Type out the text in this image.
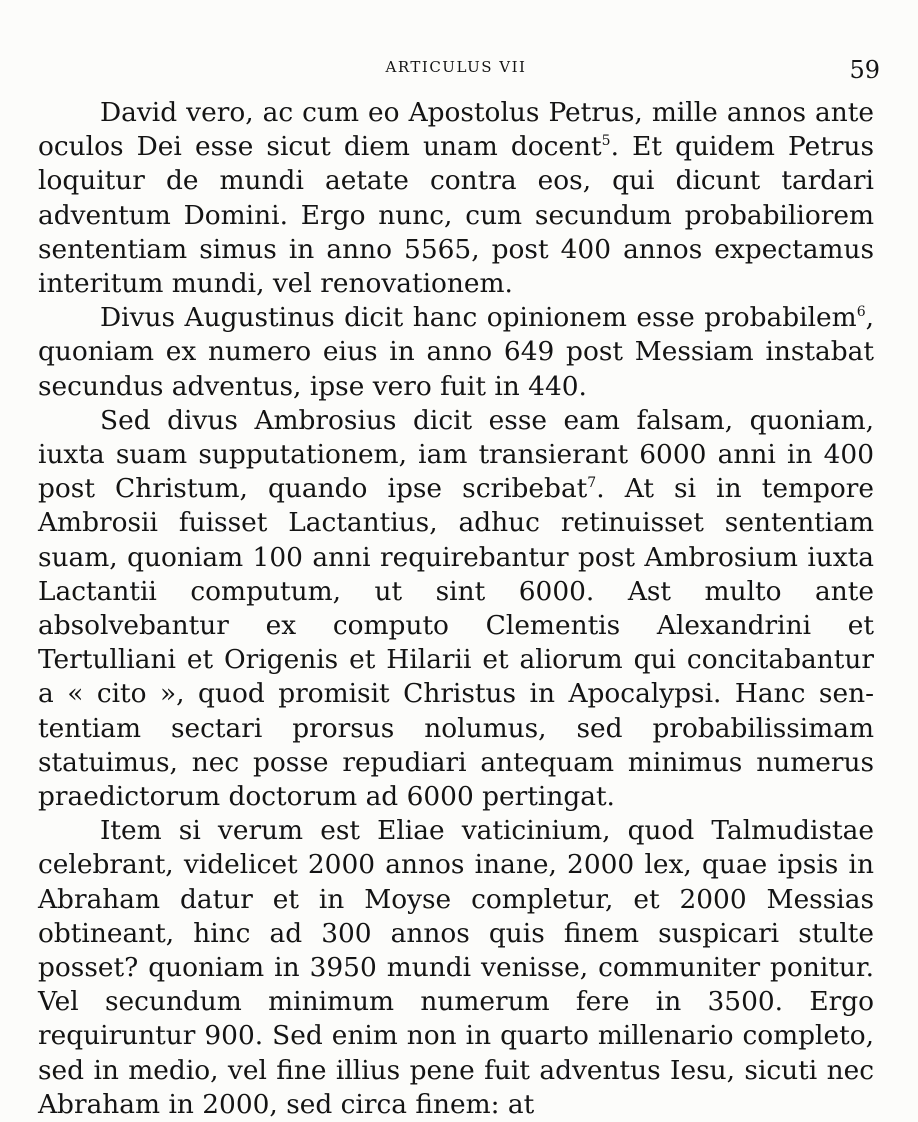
ARTICULUS VII	59

David vero, ac cum eo Apostolus Petrus, mille annos ante oculos Dei esse sicut diem unam docent$^5$. Et quidem Petrus loquitur de mundi aetate contra eos, qui dicunt tardari adventum Domini. Ergo nunc, cum secundum probabiliorem sententiam simus in anno 5565, post 400 annos expectamus interitum mundi, vel renovationem.

Divus Augustinus dicit hanc opinionem esse probabilem$^6$, quoniam ex numero eius in anno 649 post Messiam instabat secundus adventus, ipse vero fuit in 440.

Sed divus Ambrosius dicit esse eam falsam, quoniam, iuxta suam supputationem, iam transierant 6000 anni in 400 post Christum, quando ipse scribebat$^7$. At si in tempore Ambrosii fuisset Lactantius, adhuc retinuisset sententiam suam, quoniam 100 anni requirebantur post Ambrosium iuxta Lactantii computum, ut sint 6000. Ast multo ante absolvebantur ex computo Clementis Alexandrini et Tertulliani et Origenis et Hilarii et aliorum qui concitabantur a « cito », quod promisit Christus in Apocalypsi. Hanc sententiam sectari prorsus nolumus, sed probabilissimam statuimus, nec posse repudiari antequam minimus numerus praedictorum doctorum ad 6000 pertingat.

Item si verum est Eliae vaticinium, quod Talmudistae celebrant, videlicet 2000 annos inane, 2000 lex, quae ipsis in Abraham datur et in Moyse completur, et 2000 Messias obtineant, hinc ad 300 annos quis finem suspicari stulte posset? quoniam in 3950 mundi venisse, communiter ponitur. Vel secundum minimum numerum fere in 3500. Ergo requiruntur 900. Sed enim non in quarto millenario completo, sed in medio, vel fine illius pene fuit adventus Iesu, sicuti nec Abraham in 2000, sed circa finem: at
